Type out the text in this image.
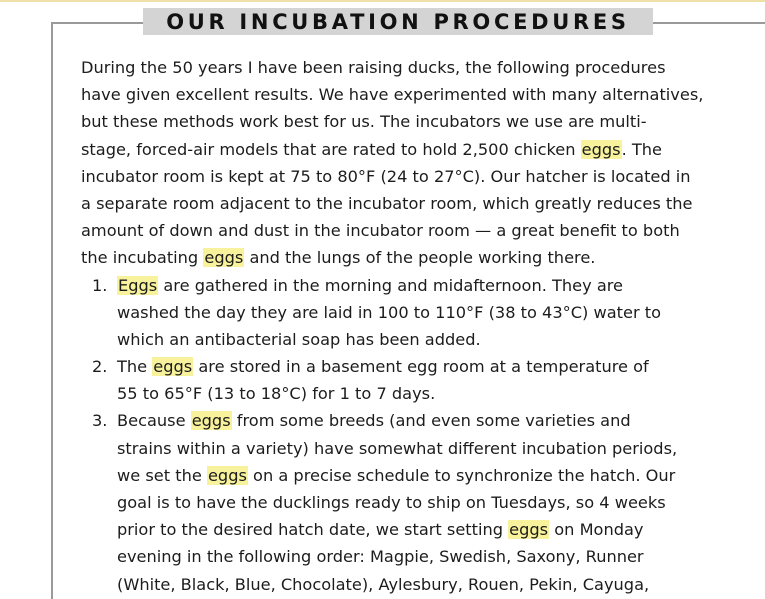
OUR INCUBATION PROCEDURES
During the 50 years I have been raising ducks, the following procedures
have given excellent results. We have experimented with many alternatives,
but these methods work best for us. The incubators we use are multi-
stage, forced-air models that are rated to hold 2,500 chicken eggs. The
incubator room is kept at 75 to 80°F (24 to 27°C). Our hatcher is located in
a separate room adjacent to the incubator room, which greatly reduces the
amount of down and dust in the incubator room — a great benefit to both
the incubating eggs and the lungs of the people working there.
1. Eggs are gathered in the morning and midafternoon. They are
washed the day they are laid in 100 to 110°F (38 to 43°C) water to
which an antibacterial soap has been added.
2. The eggs are stored in a basement egg room at a temperature of
55 to 65°F (13 to 18°C) for 1 to 7 days.
3. Because eggs from some breeds (and even some varieties and
strains within a variety) have somewhat different incubation periods,
we set the eggs on a precise schedule to synchronize the hatch. Our
goal is to have the ducklings ready to ship on Tuesdays, so 4 weeks
prior to the desired hatch date, we start setting eggs on Monday
evening in the following order: Magpie, Swedish, Saxony, Runner
(White, Black, Blue, Chocolate), Aylesbury, Rouen, Pekin, Cayuga,
